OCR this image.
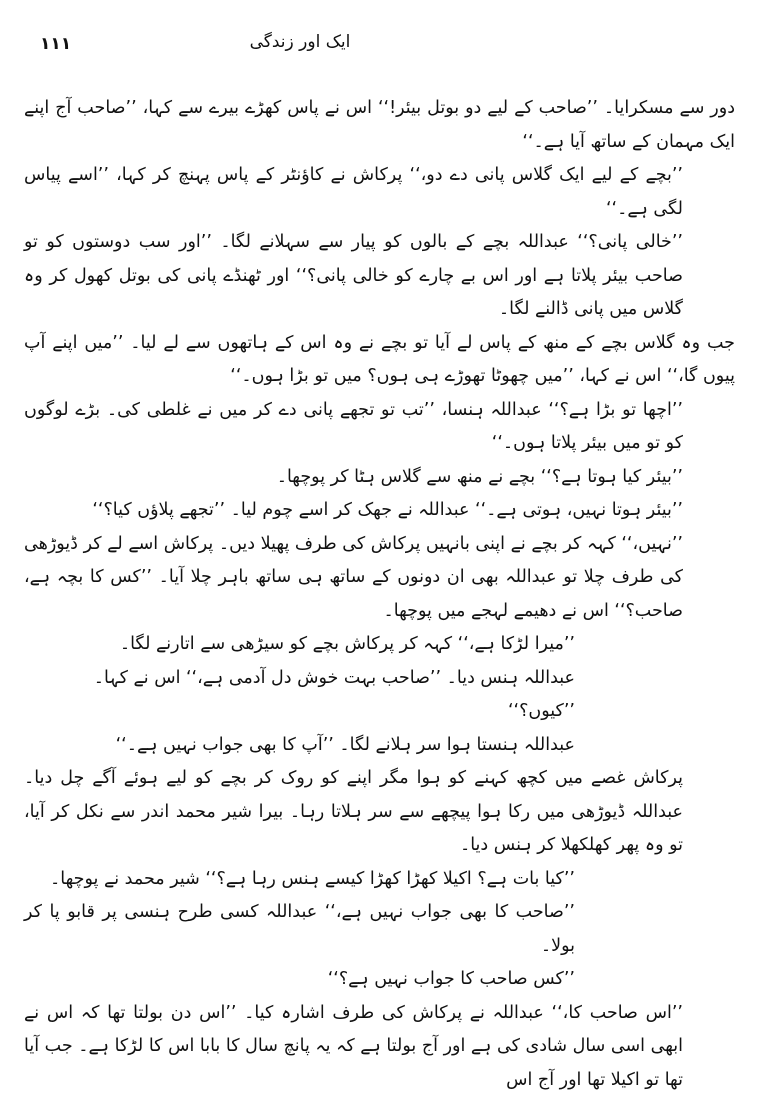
۱۱۱	ایک اور زندگی

دور سے مسکرایا۔ ’’صاحب کے لیے دو بوتل بیئر!‘‘ اس نے پاس کھڑے بیرے سے کہا، ’’صاحب آج اپنے ایک مہمان کے ساتھ آیا ہے۔‘‘

’’بچے کے لیے ایک گلاس پانی دے دو،‘‘ پرکاش نے کاؤنٹر کے پاس پہنچ کر کہا، ’’اسے پیاس لگی ہے۔‘‘

’’خالی پانی؟‘‘ عبداللہ بچے کے بالوں کو پیار سے سہلانے لگا۔ ’’اور سب دوستوں کو تو صاحب بیئر پلاتا ہے اور اس بے چارے کو خالی پانی؟‘‘ اور ٹھنڈے پانی کی بوتل کھول کر وہ گلاس میں پانی ڈالنے لگا۔

جب وہ گلاس بچے کے منھ کے پاس لے آیا تو بچے نے وہ اس کے ہاتھوں سے لے لیا۔ ’’میں اپنے آپ پیوں گا،‘‘ اس نے کہا، ’’میں چھوٹا تھوڑے ہی ہوں؟ میں تو بڑا ہوں۔‘‘

’’اچھا تو بڑا ہے؟‘‘ عبداللہ ہنسا، ’’تب تو تجھے پانی دے کر میں نے غلطی کی۔ بڑے لوگوں کو تو میں بیئر پلاتا ہوں۔‘‘

’’بیئر کیا ہوتا ہے؟‘‘ بچے نے منھ سے گلاس ہٹا کر پوچھا۔

’’بیئر ہوتا نہیں، ہوتی ہے۔‘‘ عبداللہ نے جھک کر اسے چوم لیا۔ ’’تجھے پلاؤں کیا؟‘‘

’’نہیں،‘‘ کہہ کر بچے نے اپنی بانہیں پرکاش کی طرف پھیلا دیں۔ پرکاش اسے لے کر ڈیوڑھی کی طرف چلا تو عبداللہ بھی ان دونوں کے ساتھ ہی ساتھ باہر چلا آیا۔ ’’کس کا بچہ ہے، صاحب؟‘‘ اس نے دھیمے لہجے میں پوچھا۔

’’میرا لڑکا ہے،‘‘ کہہ کر پرکاش بچے کو سیڑھی سے اتارنے لگا۔

عبداللہ ہنس دیا۔ ’’صاحب بہت خوش دل آدمی ہے،‘‘ اس نے کہا۔

’’کیوں؟‘‘

عبداللہ ہنستا ہوا سر ہلانے لگا۔ ’’آپ کا بھی جواب نہیں ہے۔‘‘

پرکاش غصے میں کچھ کہنے کو ہوا مگر اپنے کو روک کر بچے کو لیے ہوئے آگے چل دیا۔ عبداللہ ڈیوڑھی میں رکا ہوا پیچھے سے سر ہلاتا رہا۔ بیرا شیر محمد اندر سے نکل کر آیا، تو وہ پھر کھلکھلا کر ہنس دیا۔

’’کیا بات ہے؟ اکیلا کھڑا کھڑا کیسے ہنس رہا ہے؟‘‘ شیر محمد نے پوچھا۔

’’صاحب کا بھی جواب نہیں ہے،‘‘ عبداللہ کسی طرح ہنسی پر قابو پا کر بولا۔

’’کس صاحب کا جواب نہیں ہے؟‘‘

’’اس صاحب کا،‘‘ عبداللہ نے پرکاش کی طرف اشارہ کیا۔ ’’اس دن بولتا تھا کہ اس نے ابھی اسی سال شادی کی ہے اور آج بولتا ہے کہ یہ پانچ سال کا بابا اس کا لڑکا ہے۔ جب آیا تھا تو اکیلا تھا اور آج اس
